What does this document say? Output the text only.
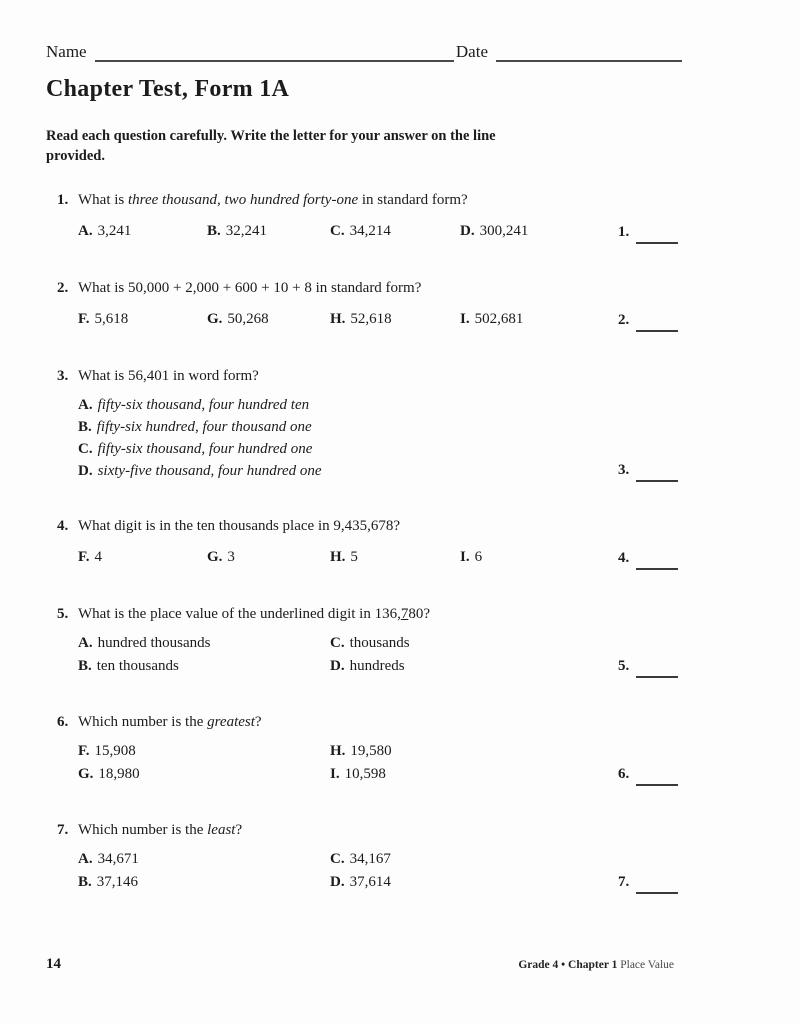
Name	Date
Chapter Test, Form 1A

Read each question carefully. Write the letter for your answer on the line provided.

1. What is three thousand, two hundred forty-one in standard form?
A. 3,241	B. 32,241	C. 34,214	D. 300,241	1.
2. What is 50,000 + 2,000 + 600 + 10 + 8 in standard form?
F. 5,618	G. 50,268	H. 52,618	I. 502,681	2.
3. What is 56,401 in word form?
A. fifty-six thousand, four hundred ten
B. fifty-six hundred, four thousand one
C. fifty-six thousand, four hundred one
D. sixty-five thousand, four hundred one	3.
4. What digit is in the ten thousands place in 9,435,678?
F. 4	G. 3	H. 5	I. 6	4.
5. What is the place value of the underlined digit in 136,780?
A. hundred thousands	C. thousands
B. ten thousands	D. hundreds	5.
6. Which number is the greatest?
F. 15,908	H. 19,580
G. 18,980	I. 10,598	6.
7. Which number is the least?
A. 34,671	C. 34,167
B. 37,146	D. 37,614	7.
14	Grade 4 • Chapter 1 Place Value
